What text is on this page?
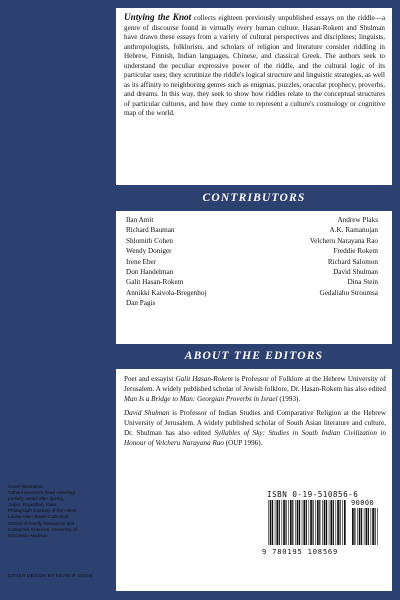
Untying the Knot collects eighteen previously unpublished essays on the riddle—a genre of discourse found in virtually every human culture. Hasan-Rokem and Shulman have drawn these essays from a variety of cultural perspectives and disciplines; linguists, anthropologists, folklorists, and scholars of religion and literature consider riddling in Hebrew, Finnish, Indian languages, Chinese, and classical Greek. The authors seek to understand the peculiar expressive power of the riddle, and the cultural logic of its particular uses; they scrutinize the riddle's logical structure and linguistic strategies, as well as its affinity to neighboring genres such as enigmas, puzzles, oracular prophecy, proverbs, and dreams. In this way, they seek to show how riddles relate to the conceptual structures of particular cultures, and how they come to represent a culture's cosmology or cognitive map of the world.
CONTRIBUTORS
Ilan Amit
Richard Bauman
Shlomith Cohen
Wendy Doniger
Irene Eber
Don Handelman
Galit Hasan-Rokem
Annikki Kaivola-Bregenhoj
Dan Pagis
Andrew Plaks
A.K. Ramanujan
Velcheru Narayana Rao
Freddie Rokem
Richard Salomon
David Shulman
Dina Stein
Gedaliahu Stroumsa
ABOUT THE EDITORS

Poet and essayist Galit Hasan-Rokem is Professor of Folklore at the Hebrew University of Jerusalem. A widely published scholar of Jewish folklore, Dr. Hasan-Rokem has also edited Man Is a Bridge to Man: Georgian Proverbs in Israel (1993).

David Shulman is Professor of Indian Studies and Comparative Religion at the Hebrew University of Jerusalem. A widely published scholar of South Asian literature and culture, Dr. Shulman has also edited Syllables of Sky: Studies in South Indian Civilization in Honour of Velcheru Narayana Rao (OUP 1996).

ISBN 0-19-510856-6
90000
9 780195 108569
Cover Illustration:
Odhani (women's head covering)
partially untied after dyeing,
Jaipur, Rajasthan, India.
Photograph courtesy of the Helen
Louise Allen Textile Collection,
School of Family Resources and
Consumer Sciences, University of
Wisconsin-Madison.
COVER DESIGN BY KEVIN P. ODEN
